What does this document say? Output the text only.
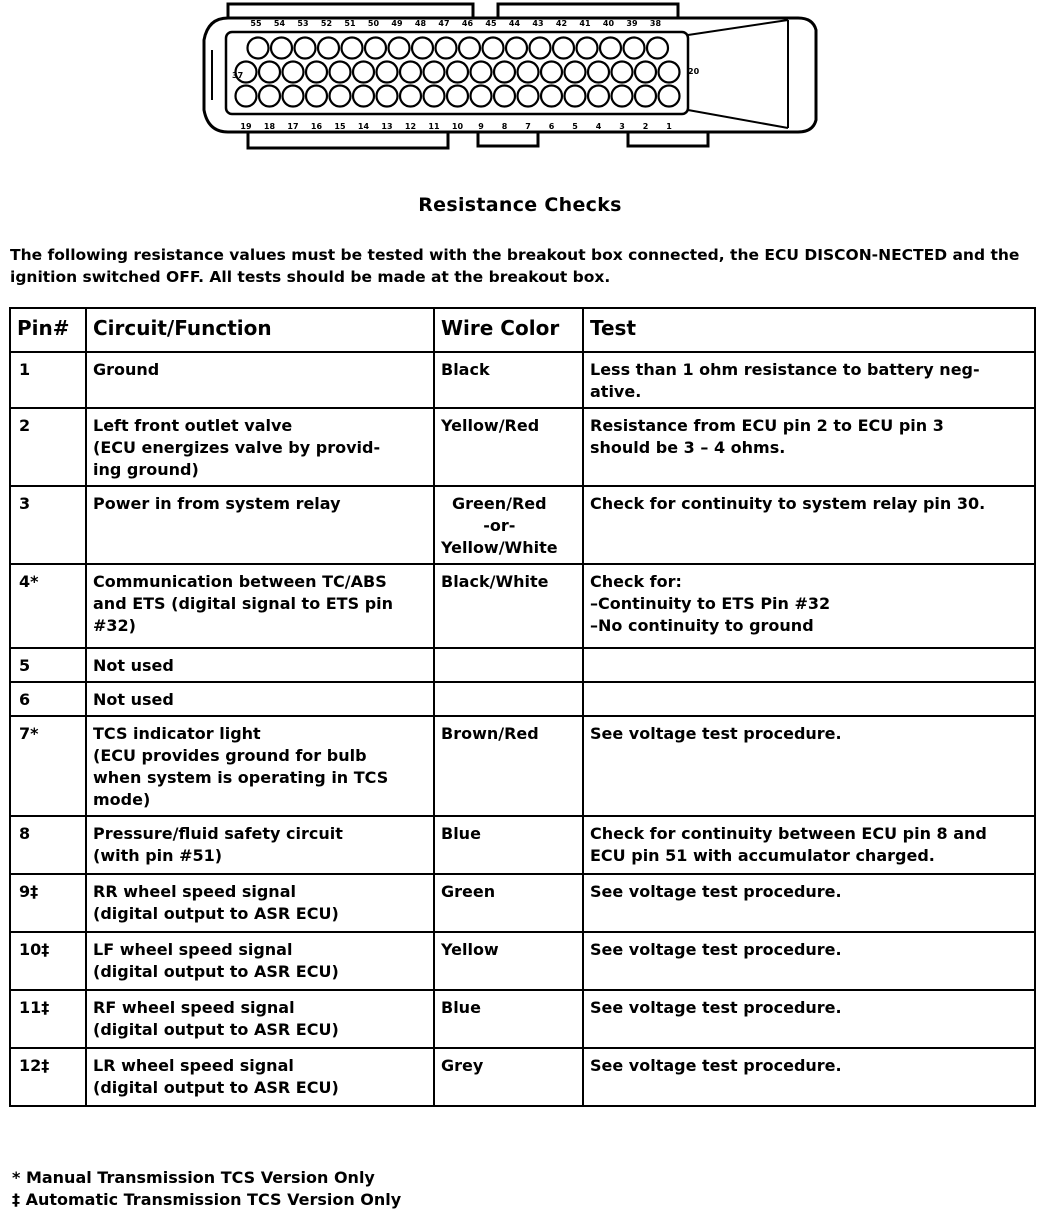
55 54 53 52 51 50 49 48 47 46 45 44 43 42 41 40 39 38
19 18 17 16 15 14 13 12 11 10 9 8 7 6 5 4 3 2 1
37	20
Resistance Checks
The following resistance values must be tested with the breakout box connected, the ECU DISCON-NECTED and the ignition switched OFF. All tests should be made at the breakout box.
Pin#	Circuit/Function	Wire Color	Test
1	Ground	Black	Less than 1 ohm resistance to battery neg-
ative.

2	Left front outlet valve
(ECU energizes valve by provid-
ing ground)	Yellow/Red	Resistance from ECU pin 2 to ECU pin 3
should be 3 – 4 ohms.

3	Power in from system relay	Green/Red
-or-
Yellow/White	Check for continuity to system relay pin 30.

4*	Communication between TC/ABS
and ETS (digital signal to ETS pin
#32)	Black/White	Check for:
–Continuity to ETS Pin #32
–No continuity to ground

5	Not used		

6	Not used		

7*	TCS indicator light
(ECU provides ground for bulb
when system is operating in TCS
mode)	Brown/Red	See voltage test procedure.

8	Pressure/fluid safety circuit
(with pin #51)	Blue	Check for continuity between ECU pin 8 and
ECU pin 51 with accumulator charged.

9‡	RR wheel speed signal
(digital output to ASR ECU)	Green	See voltage test procedure.

10‡	LF wheel speed signal
(digital output to ASR ECU)	Yellow	See voltage test procedure.

11‡	RF wheel speed signal
(digital output to ASR ECU)	Blue	See voltage test procedure.

12‡	LR wheel speed signal
(digital output to ASR ECU)	Grey	See voltage test procedure.
* Manual Transmission TCS Version Only
‡ Automatic Transmission TCS Version Only
